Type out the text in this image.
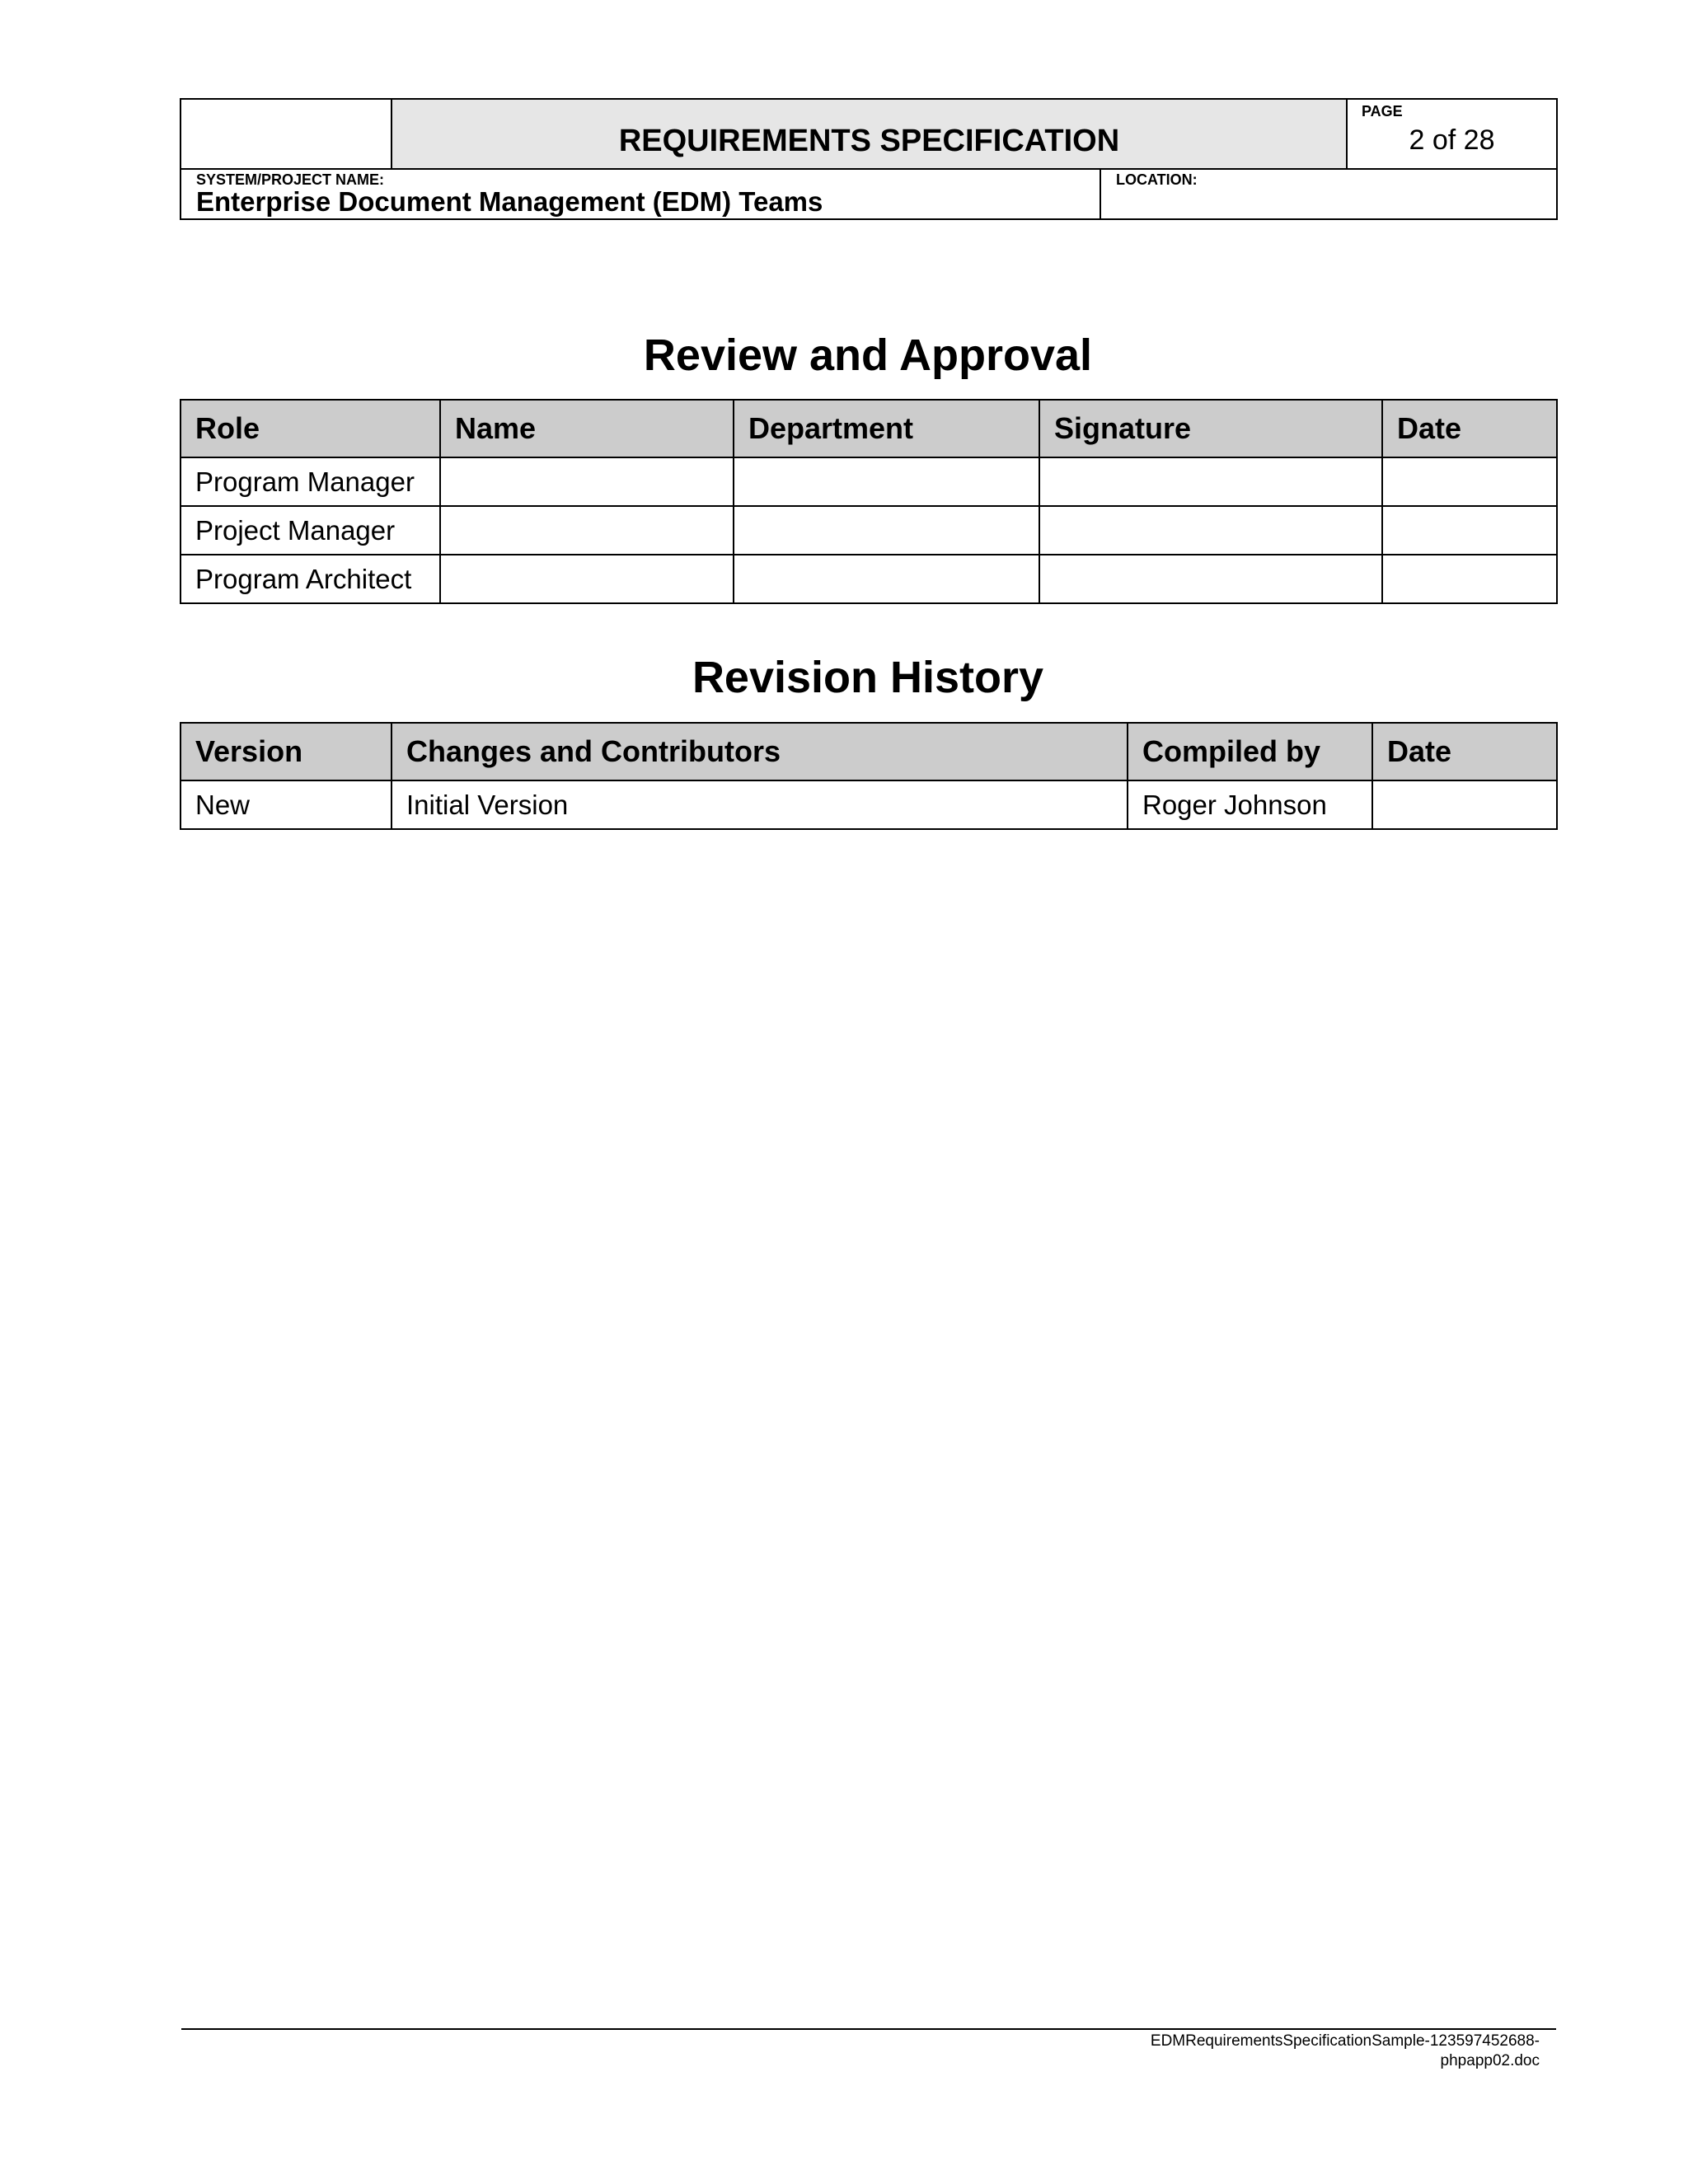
	REQUIREMENTS SPECIFICATION		PAGE
2 of 28

SYSTEM/PROJECT NAME:
Enterprise Document Management (EDM) Teams		LOCATION:	
Review and Approval
Role	Name	Department	Signature	Date
Program Manager				
Project Manager				
Program Architect				
Revision History
Version	Changes and Contributors	Compiled by	Date
New	Initial Version	Roger Johnson	
EDMRequirementsSpecificationSample-123597452688-
phpapp02.doc
